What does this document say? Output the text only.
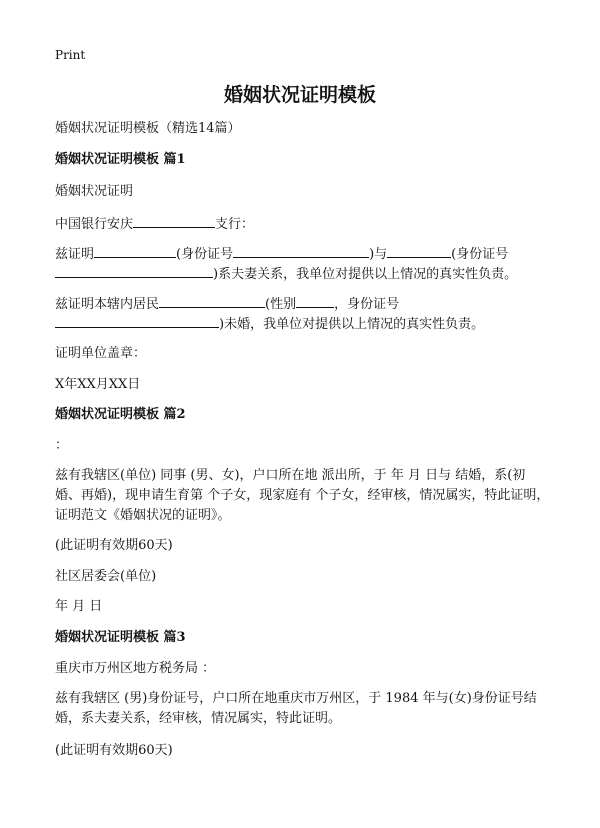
Print
婚姻状况证明模板
婚姻状况证明模板（精选14篇）
婚姻状况证明模板 篇1
婚姻状况证明
中国银行安庆	支行：
兹证明	(身份证号	)与	(身份证号
)系夫妻关系，我单位对提供以上情况的真实性负责。
兹证明本辖内居民	(性别	，身份证号
)未婚，我单位对提供以上情况的真实性负责。
证明单位盖章：
X年XX月XX日
婚姻状况证明模板 篇2
：
兹有我辖区(单位) 同事 (男、女)，户口所在地 派出所，于 年 月 日与 结婚，系(初婚、再婚)，现申请生育第 个子女，现家庭有 个子女，经审核，情况属实，特此证明，证明范文《婚姻状况的证明》。
(此证明有效期60天)
社区居委会(单位)
年 月 日
婚姻状况证明模板 篇3
重庆市万州区地方税务局 ：
兹有我辖区 (男)身份证号，户口所在地重庆市万州区，于 1984 年与(女)身份证号结婚，系夫妻关系，经审核，情况属实，特此证明。
(此证明有效期60天)
